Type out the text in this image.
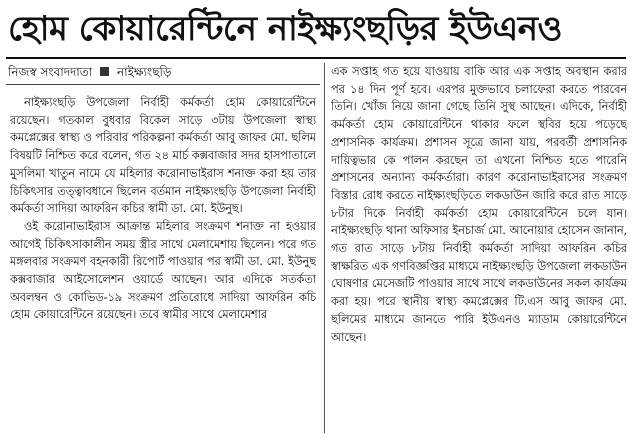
হোম কোয়ারেন্টিনে নাইক্ষ্যংছড়ির ইউএনও
নিজস্ব সংবাদদাতা নাইক্ষ্যংছড়ি

নাইক্ষ্যংছড়ি উপজেলা নির্বাহী কর্মকর্তা হোম কোয়ারেন্টিনে রয়েছেন। গতকাল বুধবার বিকেল সাড়ে ৩টায় উপজেলা স্বাস্থ্য কমপ্লেক্সের স্বাস্থ্য ও পরিবার পরিকল্পনা কর্মকর্তা আবু জাফর মো. ছলিম বিষয়টি নিশ্চিত করে বলেন, গত ২৪ মার্চ কক্সবাজার সদর হাসপাতালে মুসলিমা খাতুন নামে যে মহিলার করোনাভাইরাস শনাক্ত করা হয় তার চিকিৎসার তত্ত্বাবধানে ছিলেন বর্তমান নাইক্ষ্যংছড়ি উপজেলা নির্বাহী কর্মকর্তা সাদিয়া আফরিন কচির স্বামী ডা. মো. ইউনুছ।

ওই করোনাভাইরাস আক্রান্ত মহিলার সংক্রমণ শনাক্ত না হওয়ার আগেই চিকিৎসাকালীন সময় স্ত্রীর সাথে মেলামেশায় ছিলেন। পরে গত মঙ্গলবার সংক্রমণ বহনকারী রিপোর্ট পাওয়ার পর স্বামী ডা. মো. ইউনুছ কক্সবাজার আইসোলেশন ওয়ার্ডে আছেন। আর এদিকে সতর্কতা অবলম্বন ও কোভিড-১৯ সংক্রমণ প্রতিরোধে সাদিয়া আফরিন কচি হোম কোয়ারেন্টিনে রয়েছেন। তবে স্বামীর সাথে মেলামেশার

এক সপ্তাহ গত হয়ে যাওয়ায় বাকি আর এক সপ্তাহ অবস্থান করার পর ১৪ দিন পূর্ণ হবে। এরপর মুক্তভাবে চলাফেরা করতে পারবেন তিনি। খোঁজ নিয়ে জানা গেছে তিনি সুস্থ আছেন। এদিকে, নির্বাহী কর্মকর্তা হোম কোয়ারেন্টিনে থাকার ফলে স্থবির হয়ে পড়েছে প্রশাসনিক কার্যক্রম। প্রশাসন সূত্রে জানা যায়, পরবর্তী প্রশাসনিক দায়িত্বভার কে পালন করছেন তা এখনো নিশ্চিত হতে পারেনি প্রশাসনের অন্যান্য কর্মকর্তারা। কারণ করোনাভাইরাসের সংক্রমণ বিস্তার রোধ করতে নাইক্ষ্যংছড়িতে লকডাউন জারি করে রাত সাড়ে ৮টার দিকে নির্বাহী কর্মকর্তা হোম কোয়ারেন্টিনে চলে যান। নাইক্ষ্যংছড়ি থানা অফিসার ইনচার্জ মো. আনোয়ার হোসেন জানান, গত রাত সাড়ে ৮টায় নির্বাহী কর্মকর্তা সাদিয়া আফরিন কচির স্বাক্ষরিত এক গণবিজ্ঞপ্তির মাধ্যমে নাইক্ষ্যংছড়ি উপজেলা লকডাউন ঘোষণার মেসেজটি পাওয়ার সাথে সাথে লকডাউনের সকল কার্যক্রম করা হয়। পরে স্থানীয় স্বাস্থ্য কমপ্লেক্সের টি.এস আবু জাফর মো. ছলিমের মাধ্যমে জানতে পারি ইউএনও ম্যাডাম কোয়ারেন্টিনে আছেন।
